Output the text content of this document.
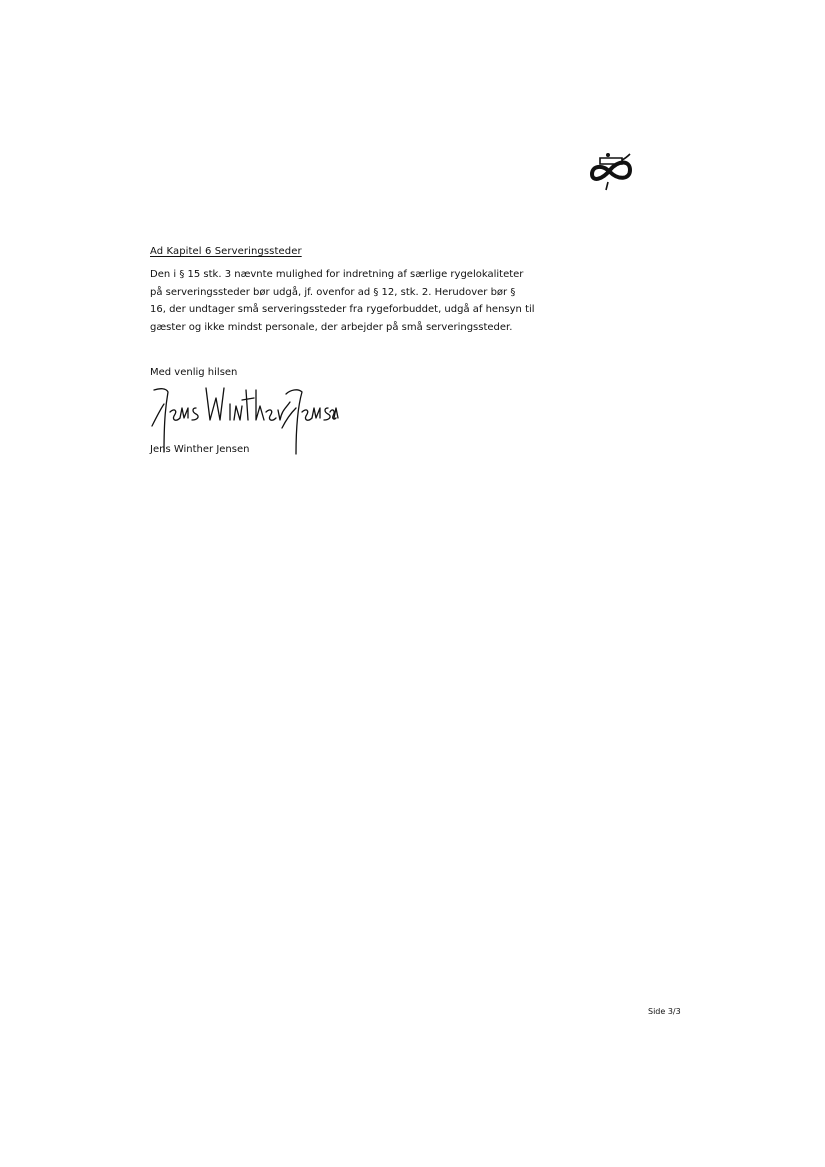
Ad Kapitel 6 Serveringssteder
Den i § 15 stk. 3 nævnte mulighed for indretning af særlige rygelokaliteter
på serveringssteder bør udgå, jf. ovenfor ad § 12, stk. 2. Herudover bør §
16, der undtager små serveringssteder fra rygeforbuddet, udgå af hensyn til
gæster og ikke mindst personale, der arbejder på små serveringssteder.
Med venlig hilsen
Jens Winther Jensen
Side 3/3
